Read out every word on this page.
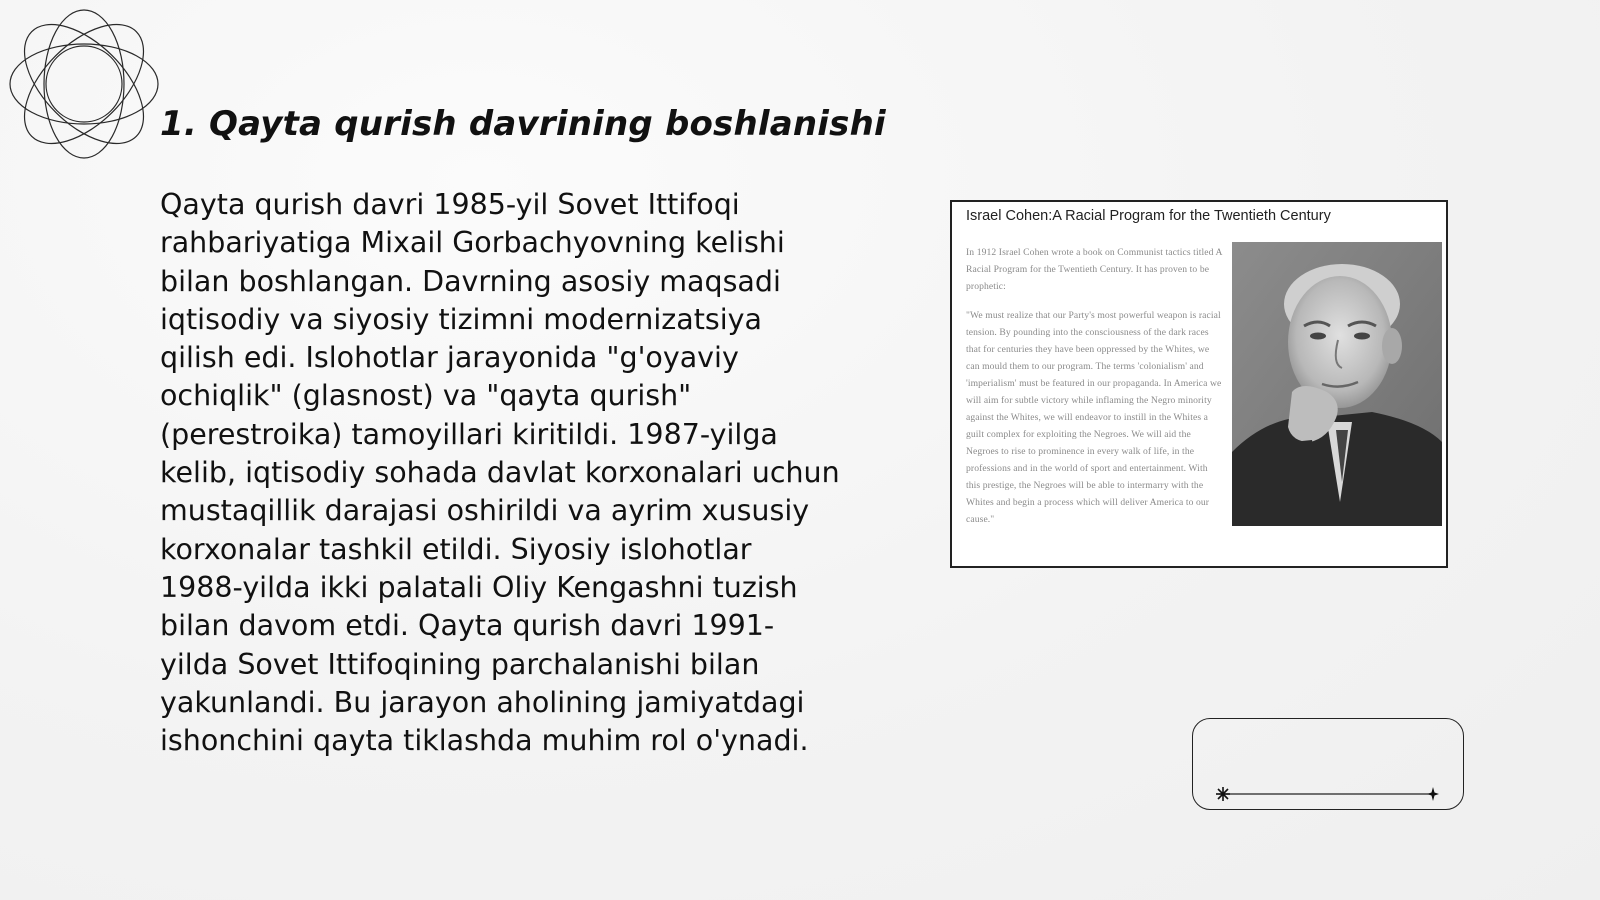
1. Qayta qurish davrining boshlanishi
Qayta qurish davri 1985-yil Sovet Ittifoqi rahbariyatiga Mixail Gorbachyovning kelishi bilan boshlangan. Davrning asosiy maqsadi iqtisodiy va siyosiy tizimni modernizatsiya qilish edi. Islohotlar jarayonida "g'oyaviy ochiqlik" (glasnost) va "qayta qurish" (perestroika) tamoyillari kiritildi. 1987-yilga kelib, iqtisodiy sohada davlat korxonalari uchun mustaqillik darajasi oshirildi va ayrim xususiy korxonalar tashkil etildi. Siyosiy islohotlar 1988-yilda ikki palatali Oliy Kengashni tuzish bilan davom etdi. Qayta qurish davri 1991-yilda Sovet Ittifoqining parchalanishi bilan yakunlandi. Bu jarayon aholining jamiyatdagi ishonchini qayta tiklashda muhim rol o'ynadi.
Israel Cohen:A Racial Program for the Twentieth Century

In 1912 Israel Cohen wrote a book on Communist tactics titled A Racial Program for the Twentieth Century. It has proven to be prophetic:

"We must realize that our Party's most powerful weapon is racial tension. By pounding into the consciousness of the dark races that for centuries they have been oppressed by the Whites, we can mould them to our program. The terms 'colonialism' and 'imperialism' must be featured in our propaganda. In America we will aim for subtle victory while inflaming the Negro minority against the Whites, we will endeavor to instill in the Whites a guilt complex for exploiting the Negroes. We will aid the Negroes to rise to prominence in every walk of life, in the professions and in the world of sport and entertainment. With this prestige, the Negroes will be able to intermarry with the Whites and begin a process which will deliver America to our cause."
